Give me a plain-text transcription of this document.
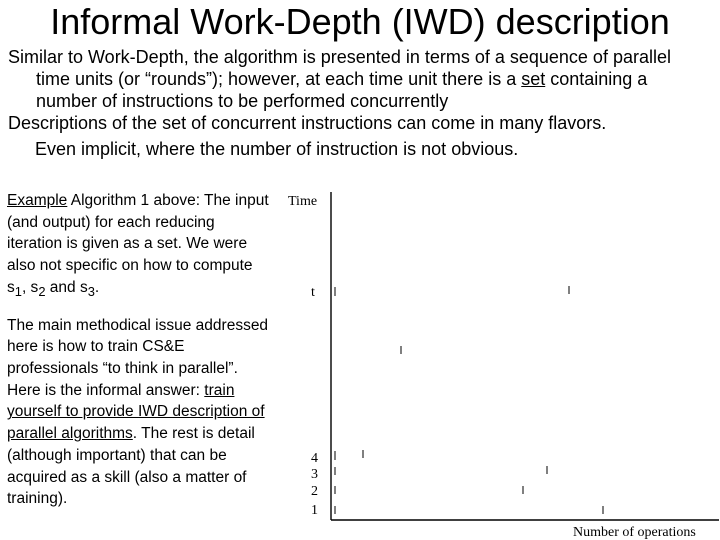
Informal Work-Depth (IWD) description

Similar to Work-Depth, the algorithm is presented in terms of a sequence of parallel time units (or “rounds”); however, at each time unit there is a set containing a number of instructions to be performed concurrently

Descriptions of the set of concurrent instructions can come in many flavors.

Even implicit, where the number of instruction is not obvious.

Example Algorithm 1 above: The input (and output) for each reducing iteration is given as a set. We were also not specific on how to compute $s_1$, $s_2$ and $s_3$.

The main methodical issue addressed here is how to train CS&E professionals “to think in parallel”. Here is the informal answer: train yourself to provide IWD description of parallel algorithms. The rest is detail (although important) that can be acquired as a skill (also a matter of training).

Time
Number of operations
t
4
3
2
1
